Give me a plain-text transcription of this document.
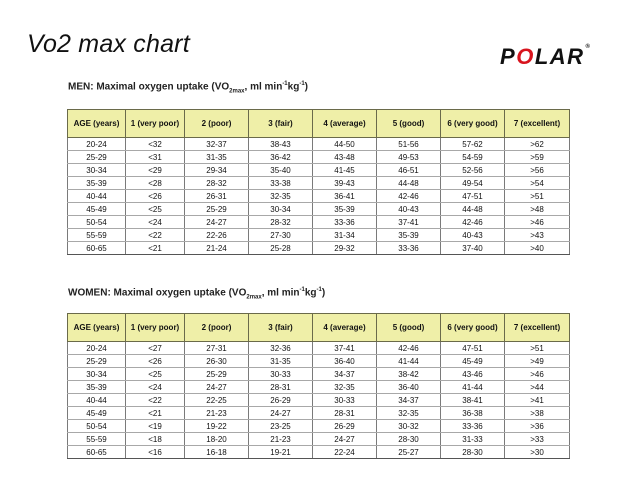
Vo2 max chart	POLAR®
MEN: Maximal oxygen uptake ($VO_{2max}$, ml $\min^{-1}kg^{-1}$)
AGE (years)	1 (very poor)	2 (poor)	3 (fair)	4 (average)	5 (good)	6 (very good)	7 (excellent)
20-24	<32	32-37	38-43	44-50	51-56	57-62	>62
25-29	<31	31-35	36-42	43-48	49-53	54-59	>59
30-34	<29	29-34	35-40	41-45	46-51	52-56	>56
35-39	<28	28-32	33-38	39-43	44-48	49-54	>54
40-44	<26	26-31	32-35	36-41	42-46	47-51	>51
45-49	<25	25-29	30-34	35-39	40-43	44-48	>48
50-54	<24	24-27	28-32	33-36	37-41	42-46	>46
55-59	<22	22-26	27-30	31-34	35-39	40-43	>43
60-65	<21	21-24	25-28	29-32	33-36	37-40	>40
WOMEN: Maximal oxygen uptake ($VO_{2max}$, ml $\min^{-1}kg^{-1}$)
AGE (years)	1 (very poor)	2 (poor)	3 (fair)	4 (average)	5 (good)	6 (very good)	7 (excellent)
20-24	<27	27-31	32-36	37-41	42-46	47-51	>51
25-29	<26	26-30	31-35	36-40	41-44	45-49	>49
30-34	<25	25-29	30-33	34-37	38-42	43-46	>46
35-39	<24	24-27	28-31	32-35	36-40	41-44	>44
40-44	<22	22-25	26-29	30-33	34-37	38-41	>41
45-49	<21	21-23	24-27	28-31	32-35	36-38	>38
50-54	<19	19-22	23-25	26-29	30-32	33-36	>36
55-59	<18	18-20	21-23	24-27	28-30	31-33	>33
60-65	<16	16-18	19-21	22-24	25-27	28-30	>30
